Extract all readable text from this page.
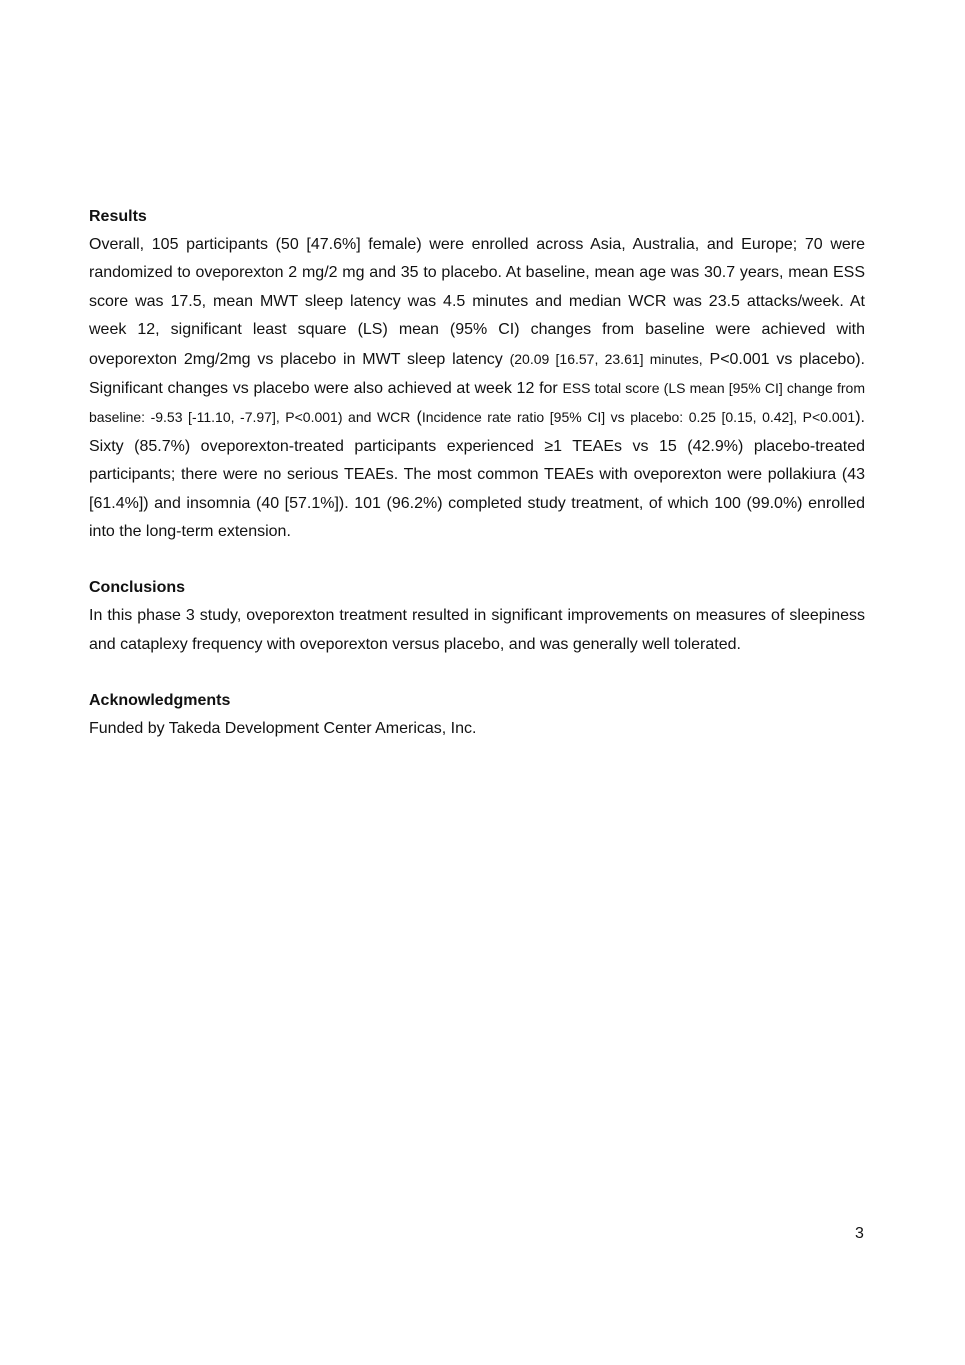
Results

Overall, 105 participants (50 [47.6%] female) were enrolled across Asia, Australia, and Europe; 70 were randomized to oveporexton 2 mg/2 mg and 35 to placebo. At baseline, mean age was 30.7 years, mean ESS score was 17.5, mean MWT sleep latency was 4.5 minutes and median WCR was 23.5 attacks/week. At week 12, significant least square (LS) mean (95% CI) changes from baseline were achieved with oveporexton 2mg/2mg vs placebo in MWT sleep latency (20.09 [16.57, 23.61] minutes, P<0.001 vs placebo). Significant changes vs placebo were also achieved at week 12 for ESS total score (LS mean [95% CI] change from baseline: -9.53 [-11.10, -7.97], P<0.001) and WCR (Incidence rate ratio [95% CI] vs placebo: 0.25 [0.15, 0.42], P<0.001). Sixty (85.7%) oveporexton-treated participants experienced ≥1 TEAEs vs 15 (42.9%) placebo-treated participants; there were no serious TEAEs. The most common TEAEs with oveporexton were pollakiura (43 [61.4%]) and insomnia (40 [57.1%]). 101 (96.2%) completed study treatment, of which 100 (99.0%) enrolled into the long-term extension.

Conclusions

In this phase 3 study, oveporexton treatment resulted in significant improvements on measures of sleepiness and cataplexy frequency with oveporexton versus placebo, and was generally well tolerated.

Acknowledgments

Funded by Takeda Development Center Americas, Inc.

3
